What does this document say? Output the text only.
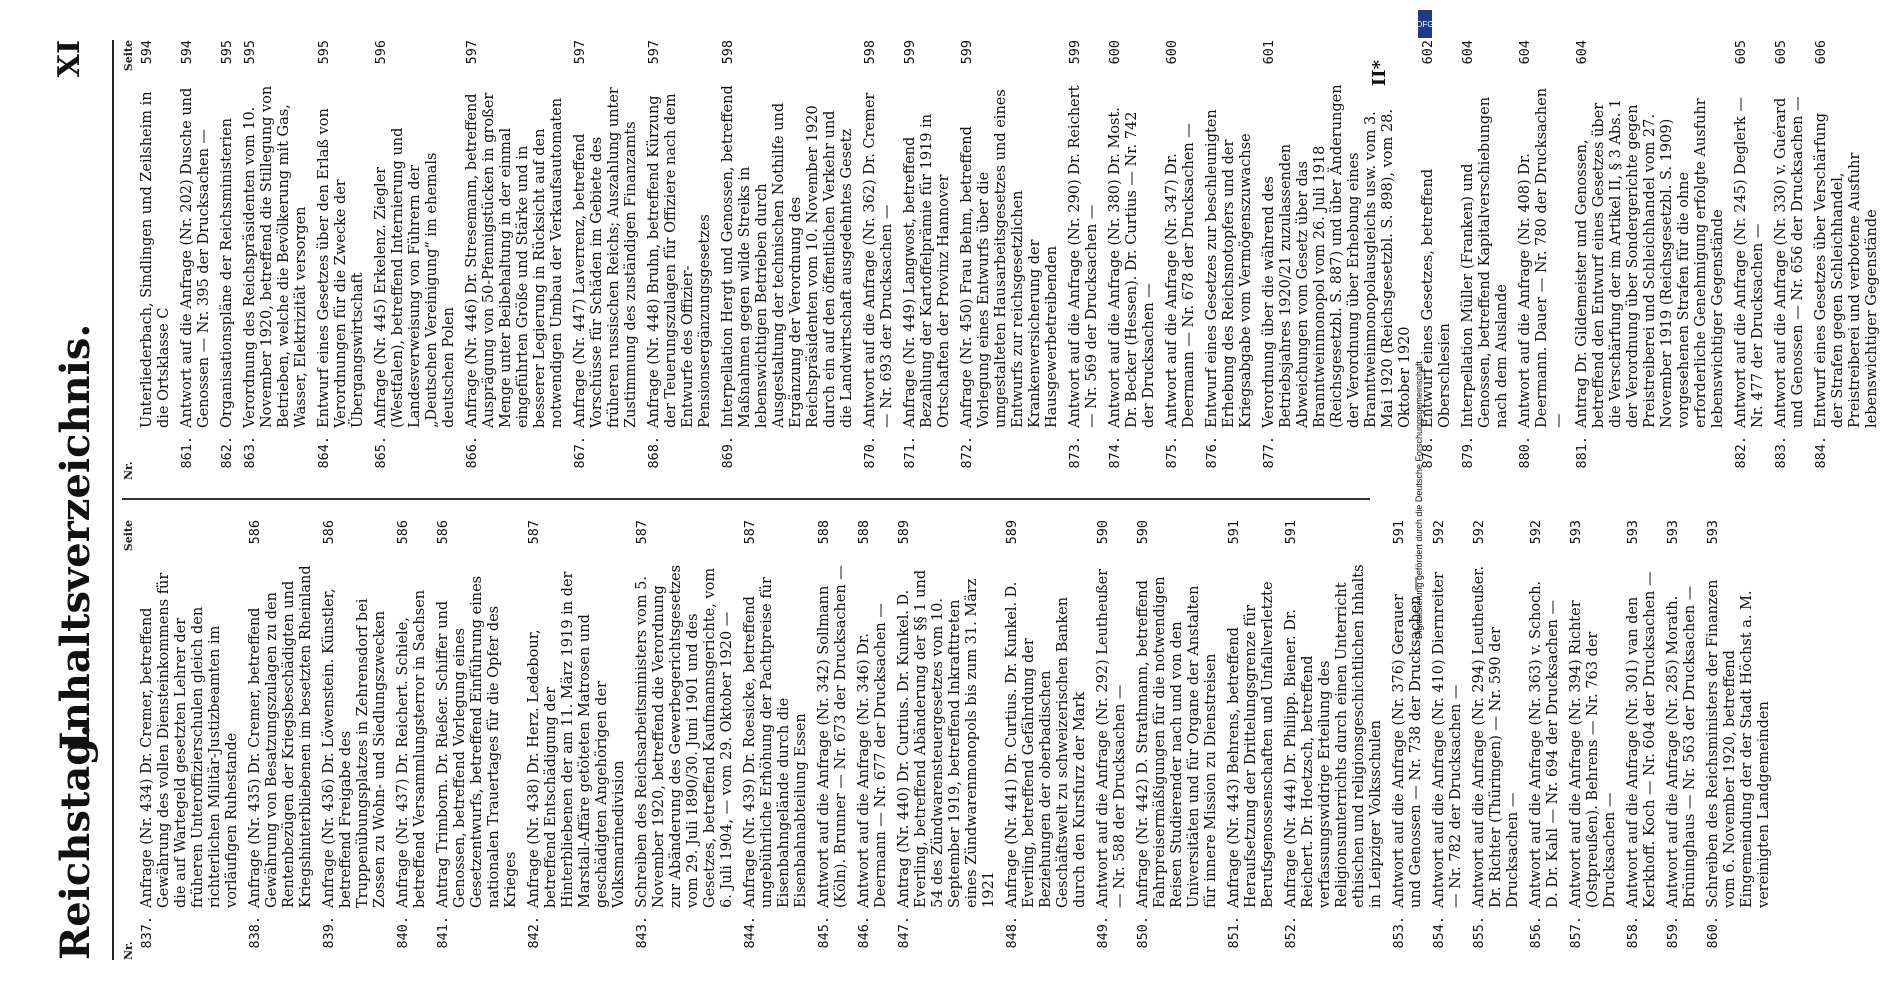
Reichstag.
Inhaltsverzeichnis.
XI
Nr.
Seite
837.
Anfrage (Nr. 434) Dr. Cremer, betreffend Gewährung des vollen Diensteinkommens für die auf Wartegeld gesetzten Lehrer der früheren Unteroffizierschulen gleich den richterlichen Militär-Justizbeamten im vorläufigen Ruhestande
838.
Anfrage (Nr. 435) Dr. Cremer, betreffend Gewährung von Besatzungszulagen zu den Rentenbezügen der Kriegsbeschädigten und Kriegshinterbliebenen im besetzten Rheinland
586
839.
Anfrage (Nr. 436) Dr. Löwenstein. Künstler, betreffend Freigabe des Truppenübungsplatzes in Zehrensdorf bei Zossen zu Wohn- und Siedlungszwecken
586
840.
Anfrage (Nr. 437) Dr. Reichert. Schiele, betreffend Versammlungsterror in Sachsen
586
841.
Antrag Trimborn. Dr. Rießer. Schiffer und Genossen, betreffend Vorlegung eines Gesetzentwurfs, betreffend Einführung eines nationalen Trauertages für die Opfer des Krieges
586
842.
Anfrage (Nr. 438) Dr. Herz. Ledebour, betreffend Entschädigung der Hinterbliebenen der am 11. März 1919 in der Marstall-Affäre getöteten Matrosen und geschädigten Angehörigen der Volksmarinedivision
587
843.
Schreiben des Reichsarbeitsministers vom 5. November 1920, betreffend die Verordnung zur Abänderung des Gewerbegerichtsgesetzes vom 29. Juli 1890/30. Juni 1901 und des Gesetzes, betreffend Kaufmannsgerichte, vom 6. Juli 1904, — vom 29. Oktober 1920 —
587
844.
Anfrage (Nr. 439) Dr. Roesicke, betreffend ungebührliche Erhöhung der Pachtpreise für Eisenbahngelände durch die Eisenbahnabteilung Essen
587
845.
Antwort auf die Anfrage (Nr. 342) Sollmann (Köln). Brunner — Nr. 673 der Drucksachen —
588
846.
Antwort auf die Anfrage (Nr. 346) Dr. Deermann — Nr. 677 der Drucksachen —
588
847.
Antrag (Nr. 440) Dr. Curtius. Dr. Kunkel. D. Everling, betreffend Abänderung der §§ 1 und 54 des Zündwarensteuergesetzes vom 10. September 1919, betreffend Inkrafttreten eines Zündwarenmonopols bis zum 31. März 1921
589
848.
Anfrage (Nr. 441) Dr. Curtius. Dr. Kunkel. D. Everling, betreffend Gefährdung der Beziehungen der oberbadischen Geschäftswelt zu schweizerischen Banken durch den Kursfurz der Mark
589
849.
Antwort auf die Anfrage (Nr. 292) Leutheußer — Nr. 588 der Drucksachen —
590
850.
Anfrage (Nr. 442) D. Strathmann, betreffend Fahrpreisermäßigungen für die notwendigen Reisen Studierender nach und von den Universitäten und für Organe der Anstalten für innere Mission zu Dienstreisen
590
851.
Anfrage (Nr. 443) Behrens, betreffend Heraufsetzung der Drittelungsgrenze für Berufsgenossenschaften und Unfallverletzte
591
852.
Anfrage (Nr. 444) Dr. Philipp. Biener. Dr. Reichert. Dr. Hoetzsch, betreffend verfassungswidrige Erteilung des Religionsunterrichts durch einen Unterricht ethischen und religionsgeschichtlichen Inhalts in Leipziger Volksschulen
591
853.
Antwort auf die Anfrage (Nr. 376) Gerauer und Genossen — Nr. 738 der Drucksachen —
591
854.
Antwort auf die Anfrage (Nr. 410) Diernreiter — Nr. 782 der Drucksachen —
592
855.
Antwort auf die Anfrage (Nr. 294) Leutheußer. Dr. Richter (Thüringen) — Nr. 590 der Drucksachen —
592
856.
Antwort auf die Anfrage (Nr. 363) v. Schoch. D. Dr. Kahl — Nr. 694 der Drucksachen —
592
857.
Antwort auf die Anfrage (Nr. 394) Richter (Ostpreußen). Behrens — Nr. 763 der Drucksachen —
593
858.
Antwort auf die Anfrage (Nr. 301) van den Kerkhoff. Koch — Nr. 604 der Drucksachen —
593
859.
Antwort auf die Anfrage (Nr. 285) Morath. Brüninghaus — Nr. 563 der Drucksachen —
593
860.
Schreiben des Reichsministers der Finanzen vom 6. November 1920, betreffend Eingemeindung der der Stadt Höchst a. M. vereinigten Landgemeinden
593
Nr.
Seite
Unterliederbach, Sindlingen und Zeilsheim in die Ortsklasse C
594
861.
Antwort auf die Anfrage (Nr. 202) Dusche und Genossen — Nr. 395 der Drucksachen —
594
862.
Organisationspläne der Reichsministerien
595
863.
Verordnung des Reichspräsidenten vom 10. November 1920, betreffend die Stillegung von Betrieben, welche die Bevölkerung mit Gas, Wasser, Elektrizität versorgen
595
864.
Entwurf eines Gesetzes über den Erlaß von Verordnungen für die Zwecke der Übergangswirtschaft
595
865.
Anfrage (Nr. 445) Erkelenz. Ziegler (Westfalen), betreffend Internierung und Landesverweisung von Führern der „Deutschen Vereinigung“ im ehemals deutschen Polen
596
866.
Anfrage (Nr. 446) Dr. Stresemann, betreffend Ausprägung von 50-Pfennigstücken in großer Menge unter Beibehaltung in der einmal eingeführten Größe und Stärke und in besserer Legierung in Rücksicht auf den notwendigen Umbau der Verkaufsautomaten
597
867.
Anfrage (Nr. 447) Laverrenz, betreffend Vorschüsse für Schäden im Gebiete des früheren russischen Reichs; Auszahlung unter Zustimmung des zuständigen Finanzamts
597
868.
Anfrage (Nr. 448) Bruhn, betreffend Kürzung der Teuerungszulagen für Offiziere nach dem Entwurfe des Offizier-Pensionsergänzungsgesetzes
597
869.
Interpellation Hergt und Genossen, betreffend Maßnahmen gegen wilde Streiks in lebenswichtigen Betrieben durch Ausgestaltung der technischen Nothilfe und Ergänzung der Verordnung des Reichspräsidenten vom 10. November 1920 durch ein auf den öffentlichen Verkehr und die Landwirtschaft ausgedehntes Gesetz
598
870.
Antwort auf die Anfrage (Nr. 362) Dr. Cremer — Nr. 693 der Drucksachen —
598
871.
Anfrage (Nr. 449) Langwost, betreffend Bezahlung der Kartoffelprämie für 1919 in Ortschaften der Provinz Hannover
599
872.
Anfrage (Nr. 450) Frau Behm, betreffend Vorlegung eines Entwurfs über die umgestalteten Hausarbeitsgesetzes und eines Entwurfs zur reichsgesetzlichen Krankenversicherung der Hausgewerbetreibenden
599
873.
Antwort auf die Anfrage (Nr. 290) Dr. Reichert — Nr. 569 der Drucksachen —
599
874.
Antwort auf die Anfrage (Nr. 380) Dr. Most. Dr. Becker (Hessen). Dr. Curtius — Nr. 742 der Drucksachen —
600
875.
Antwort auf die Anfrage (Nr. 347) Dr. Deermann — Nr. 678 der Drucksachen —
600
876.
Entwurf eines Gesetzes zur beschleunigten Erhebung des Reichsnotopfers und der Kriegsabgabe vom Vermögenszuwachse
877.
Verordnung über die während des Betriebsjahres 1920/21 zuzulassenden Abweichungen vom Gesetz über das Branntweinmonopol vom 26. Juli 1918 (Reichsgesetzbl. S. 887) und über Änderungen der Verordnung über Erhebung eines Branntweinmonopolausgleichs usw. vom 3. Mai 1920 (Reichsgesetzbl. S. 898), vom 28. Oktober 1920
601
878.
Entwurf eines Gesetzes, betreffend Oberschlesien
602
879.
Interpellation Müller (Franken) und Genossen, betreffend Kapitalverschiebungen nach dem Auslande
604
880.
Antwort auf die Anfrage (Nr. 408) Dr. Deermann. Dauer — Nr. 780 der Drucksachen —
604
881.
Antrag Dr. Gildemeister und Genossen, betreffend den Entwurf eines Gesetzes über die Verschärfung der im Artikel II, § 3 Abs. 1 der Verordnung über Sondergerichte gegen Preistreiberei und Schleichhandel vom 27. November 1919 (Reichsgesetzbl. S. 1909) vorgesehenen Strafen für die ohne erforderliche Genehmigung erfolgte Ausfuhr lebenswichtiger Gegenstände
604
882.
Antwort auf die Anfrage (Nr. 245) Deglerk — Nr. 477 der Drucksachen —
605
883.
Antwort auf die Anfrage (Nr. 330) v. Guérard und Genossen — Nr. 656 der Drucksachen —
605
884.
Entwurf eines Gesetzes über Verschärfung der Strafen gegen Schleichhandel, Preistreiberei und verbotene Ausfuhr lebenswichtiger Gegenstände
606
II*
DFG
Digitalisierung gefördert durch die Deutsche Forschungsgemeinschaft
